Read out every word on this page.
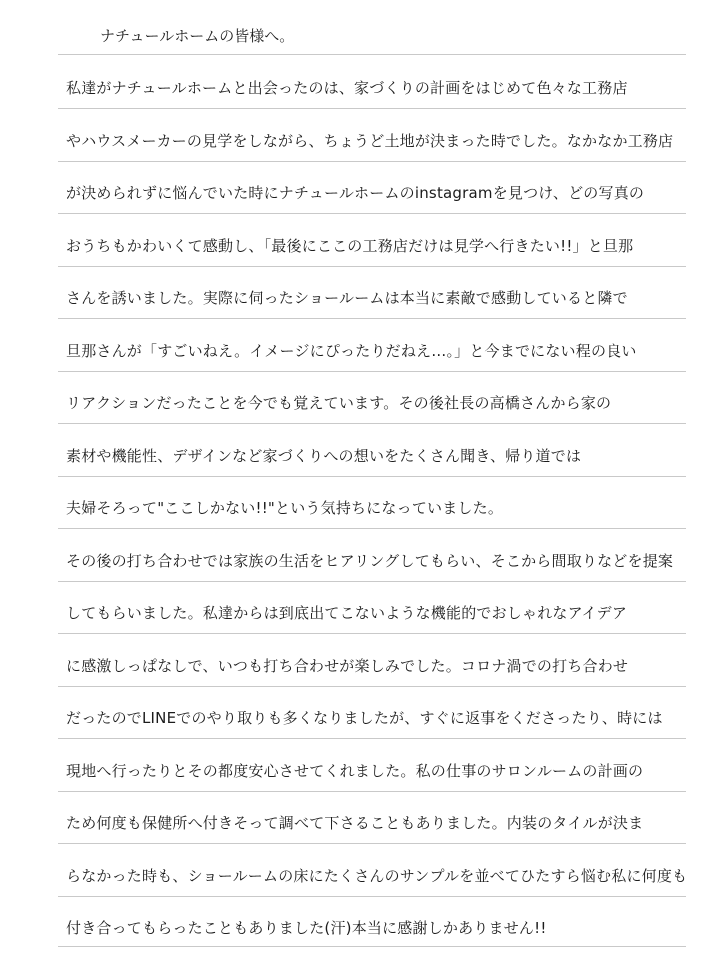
ナチュールホームの皆様へ。
私達がナチュールホームと出会ったのは、家づくりの計画をはじめて色々な工務店
やハウスメーカーの見学をしながら、ちょうど土地が決まった時でした。なかなか工務店
が決められずに悩んでいた時にナチュールホームのinstagramを見つけ、どの写真の
おうちもかわいくて感動し、「最後にここの工務店だけは見学へ行きたい!!」と旦那
さんを誘いました。実際に伺ったショールームは本当に素敵で感動していると隣で
旦那さんが「すごいねえ。イメージにぴったりだねえ…。」と今までにない程の良い
リアクションだったことを今でも覚えています。その後社長の高橋さんから家の
素材や機能性、デザインなど家づくりへの想いをたくさん聞き、帰り道では
夫婦そろって"ここしかない!!"という気持ちになっていました。
その後の打ち合わせでは家族の生活をヒアリングしてもらい、そこから間取りなどを提案
してもらいました。私達からは到底出てこないような機能的でおしゃれなアイデア
に感激しっぱなしで、いつも打ち合わせが楽しみでした。コロナ渦での打ち合わせ
だったのでLINEでのやり取りも多くなりましたが、すぐに返事をくださったり、時には
現地へ行ったりとその都度安心させてくれました。私の仕事のサロンルームの計画の
ため何度も保健所へ付きそって調べて下さることもありました。内装のタイルが決ま
らなかった時も、ショールームの床にたくさんのサンプルを並べてひたすら悩む私に何度も
付き合ってもらったこともありました(汗)本当に感謝しかありません!!
